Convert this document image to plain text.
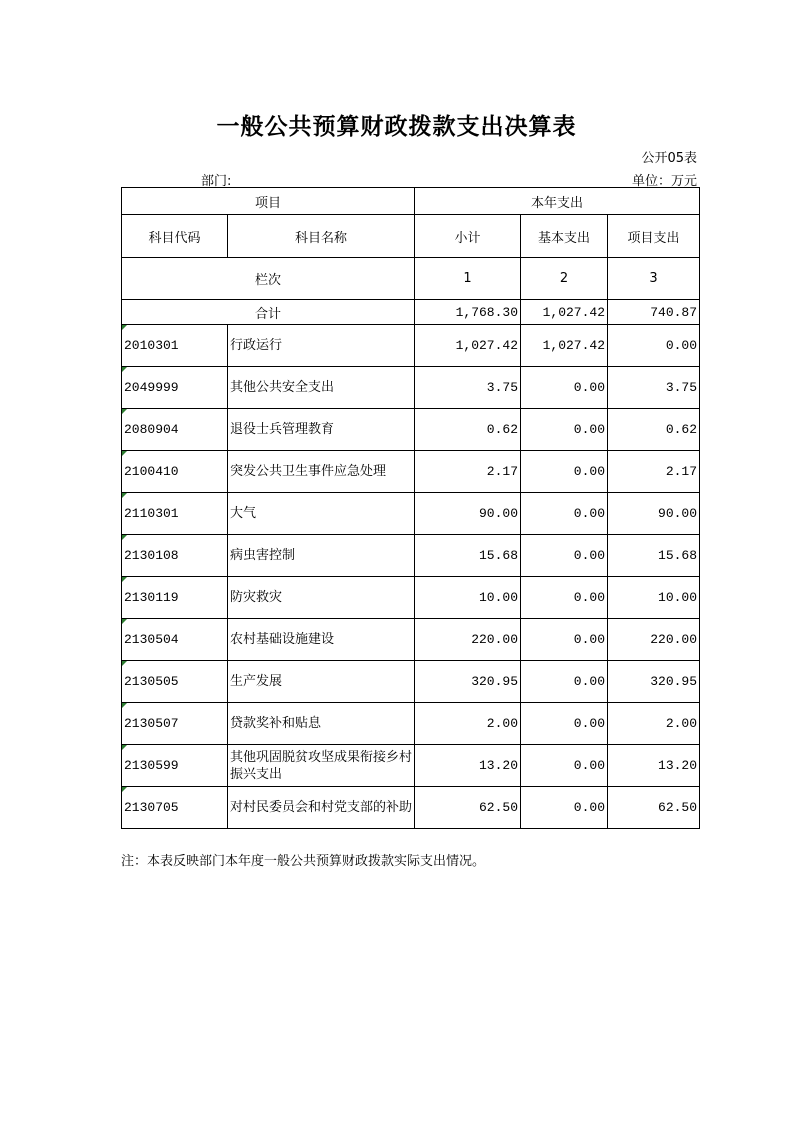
一般公共预算财政拨款支出决算表
公开05表
部门:	单位：万元
项目		本年支出		
科目代码	科目名称	小计	基本支出	项目支出
栏次		1	2	3
合计		1,768.30	1,027.42	740.87

2010301	行政运行	1,027.42	1,027.42	0.00

2049999	其他公共安全支出	3.75	0.00	3.75

2080904	退役士兵管理教育	0.62	0.00	0.62

2100410	突发公共卫生事件应急处理	2.17	0.00	2.17

2110301	大气	90.00	0.00	90.00

2130108	病虫害控制	15.68	0.00	15.68

2130119	防灾救灾	10.00	0.00	10.00

2130504	农村基础设施建设	220.00	0.00	220.00

2130505	生产发展	320.95	0.00	320.95

2130507	贷款奖补和贴息	2.00	0.00	2.00

2130599	其他巩固脱贫攻坚成果衔接乡村振兴支出	13.20	0.00	13.20

2130705	对村民委员会和村党支部的补助	62.50	0.00	62.50
注：本表反映部门本年度一般公共预算财政拨款实际支出情况。
